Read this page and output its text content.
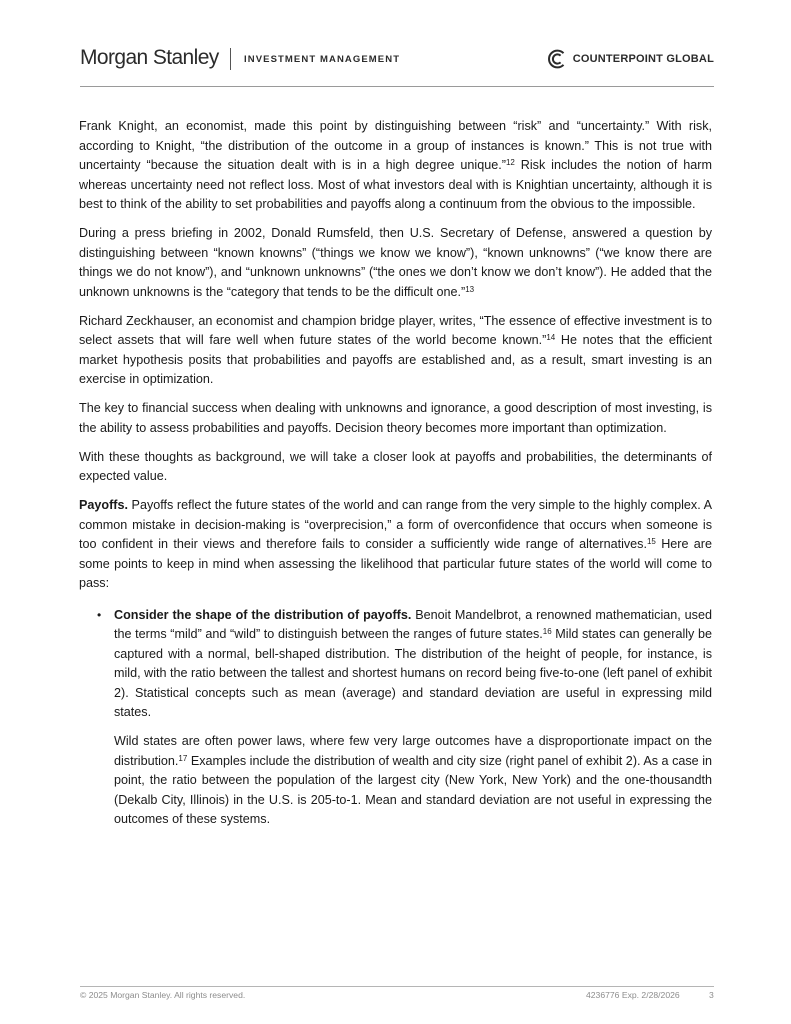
Morgan Stanley	INVESTMENT MANAGEMENT	COUNTERPOINT GLOBAL

Frank Knight, an economist, made this point by distinguishing between “risk” and “uncertainty.” With risk, according to Knight, “the distribution of the outcome in a group of instances is known.” This is not true with uncertainty “because the situation dealt with is in a high degree unique.”$^{12}$ Risk includes the notion of harm whereas uncertainty need not reflect loss. Most of what investors deal with is Knightian uncertainty, although it is best to think of the ability to set probabilities and payoffs along a continuum from the obvious to the impossible.

During a press briefing in 2002, Donald Rumsfeld, then U.S. Secretary of Defense, answered a question by distinguishing between “known knowns” (“things we know we know”), “known unknowns” (“we know there are things we do not know”), and “unknown unknowns” (“the ones we don’t know we don’t know”). He added that the unknown unknowns is the “category that tends to be the difficult one.”$^{13}$

Richard Zeckhauser, an economist and champion bridge player, writes, “The essence of effective investment is to select assets that will fare well when future states of the world become known.”$^{14}$ He notes that the efficient market hypothesis posits that probabilities and payoffs are established and, as a result, smart investing is an exercise in optimization.

The key to financial success when dealing with unknowns and ignorance, a good description of most investing, is the ability to assess probabilities and payoffs. Decision theory becomes more important than optimization.

With these thoughts as background, we will take a closer look at payoffs and probabilities, the determinants of expected value.

Payoffs. Payoffs reflect the future states of the world and can range from the very simple to the highly complex. A common mistake in decision-making is “overprecision,” a form of overconfidence that occurs when someone is too confident in their views and therefore fails to consider a sufficiently wide range of alternatives.$^{15}$ Here are some points to keep in mind when assessing the likelihood that particular future states of the world will come to pass:

• Consider the shape of the distribution of payoffs. Benoit Mandelbrot, a renowned mathematician, used the terms “mild” and “wild” to distinguish between the ranges of future states.$^{16}$ Mild states can generally be captured with a normal, bell-shaped distribution. The distribution of the height of people, for instance, is mild, with the ratio between the tallest and shortest humans on record being five-to-one (left panel of exhibit 2). Statistical concepts such as mean (average) and standard deviation are useful in expressing mild states.

Wild states are often power laws, where few very large outcomes have a disproportionate impact on the distribution.$^{17}$ Examples include the distribution of wealth and city size (right panel of exhibit 2). As a case in point, the ratio between the population of the largest city (New York, New York) and the one-thousandth (Dekalb City, Illinois) in the U.S. is 205-to-1. Mean and standard deviation are not useful in expressing the outcomes of these systems.

© 2025 Morgan Stanley. All rights reserved.	4236776 Exp. 2/28/2026	3
